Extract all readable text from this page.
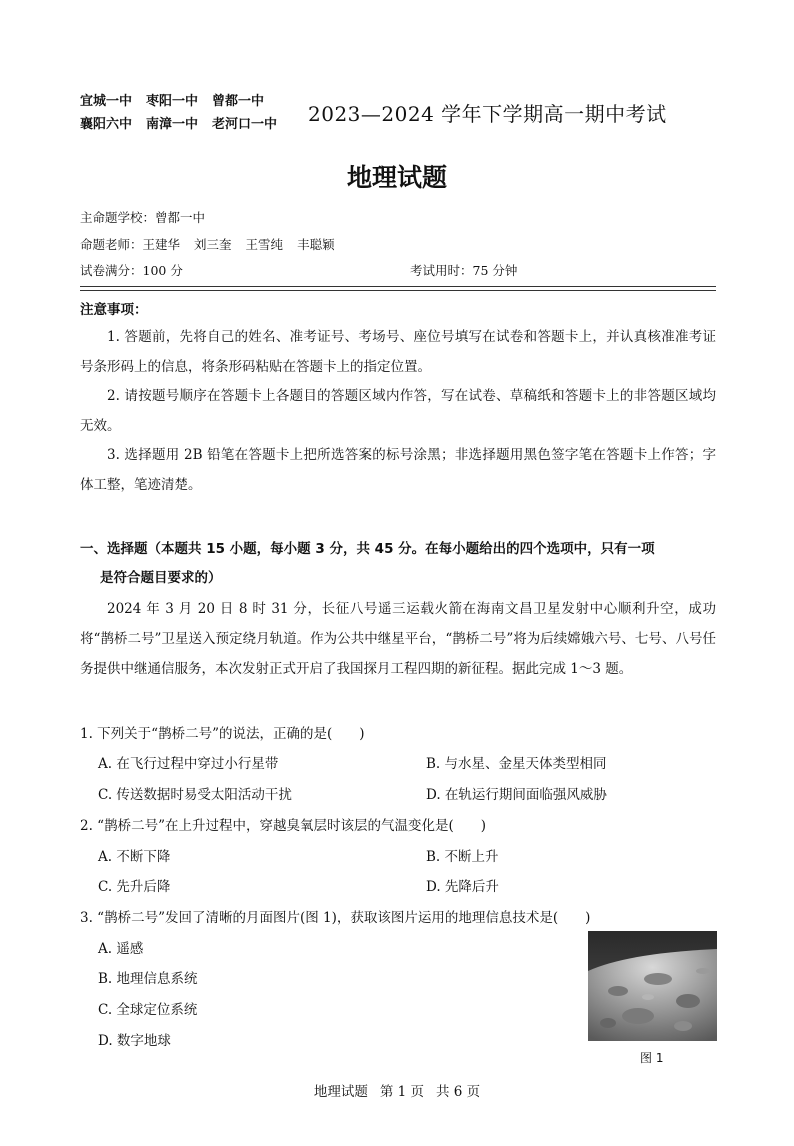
宜城一中 枣阳一中 曾都一中
襄阳六中 南漳一中 老河口一中	2023—2024 学年下学期高一期中考试
地理试题
主命题学校：曾都一中
命题老师：王建华 刘三奎 王雪纯 丰聪颖
试卷满分：100 分	考试用时：75 分钟
注意事项：
1. 答题前，先将自己的姓名、准考证号、考场号、座位号填写在试卷和答题卡上，并认真核准准考证号条形码上的信息，将条形码粘贴在答题卡上的指定位置。
2. 请按题号顺序在答题卡上各题目的答题区域内作答，写在试卷、草稿纸和答题卡上的非答题区域均无效。
3. 选择题用 2B 铅笔在答题卡上把所选答案的标号涂黑；非选择题用黑色签字笔在答题卡上作答；字体工整，笔迹清楚。
一、选择题（本题共 15 小题，每小题 3 分，共 45 分。在每小题给出的四个选项中，只有一项
是符合题目要求的）
2024 年 3 月 20 日 8 时 31 分，长征八号遥三运载火箭在海南文昌卫星发射中心顺利升空，成功将“鹊桥二号”卫星送入预定绕月轨道。作为公共中继星平台，“鹊桥二号”将为后续嫦娥六号、七号、八号任务提供中继通信服务，本次发射正式开启了我国探月工程四期的新征程。据此完成 1～3 题。
1. 下列关于“鹊桥二号”的说法，正确的是(　　)
A. 在飞行过程中穿过小行星带	B. 与水星、金星天体类型相同
C. 传送数据时易受太阳活动干扰	D. 在轨运行期间面临强风威胁
2. “鹊桥二号”在上升过程中，穿越臭氧层时该层的气温变化是(　　)
A. 不断下降	B. 不断上升
C. 先升后降	D. 先降后升
3. “鹊桥二号”发回了清晰的月面图片(图 1)，获取该图片运用的地理信息技术是(　　)
A. 遥感
B. 地理信息系统
C. 全球定位系统
D. 数字地球
图 1
地理试题 第 1 页 共 6 页
